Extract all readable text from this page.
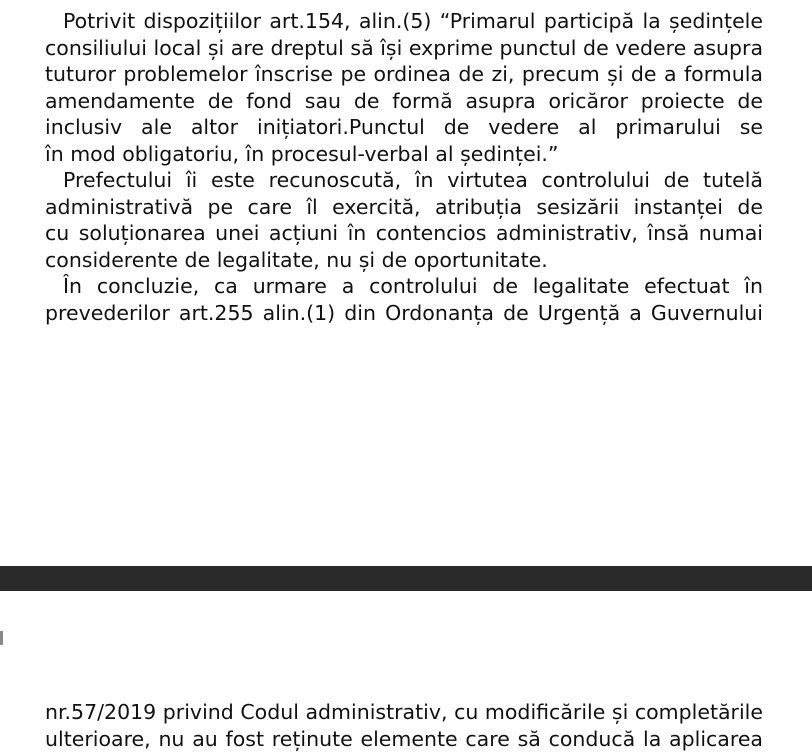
Potrivit dispozițiilor art.154, alin.(5) “Primarul participă la ședințele
consiliului local și are dreptul să își exprime punctul de vedere asupra
tuturor problemelor înscrise pe ordinea de zi, precum și de a formula
amendamente de fond sau de formă asupra oricăror proiecte de
inclusiv ale altor inițiatori.Punctul de vedere al primarului se
în mod obligatoriu, în procesul-verbal al ședinței.”
Prefectului îi este recunoscută, în virtutea controlului de tutelă
administrativă pe care îl exercită, atribuția sesizării instanței de
cu soluționarea unei acțiuni în contencios administrativ, însă numai
considerente de legalitate, nu și de oportunitate.
În concluzie, ca urmare a controlului de legalitate efectuat în
prevederilor art.255 alin.(1) din Ordonanța de Urgență a Guvernului
nr.57/2019 privind Codul administrativ, cu modificările și completările
ulterioare, nu au fost reținute elemente care să conducă la aplicarea
